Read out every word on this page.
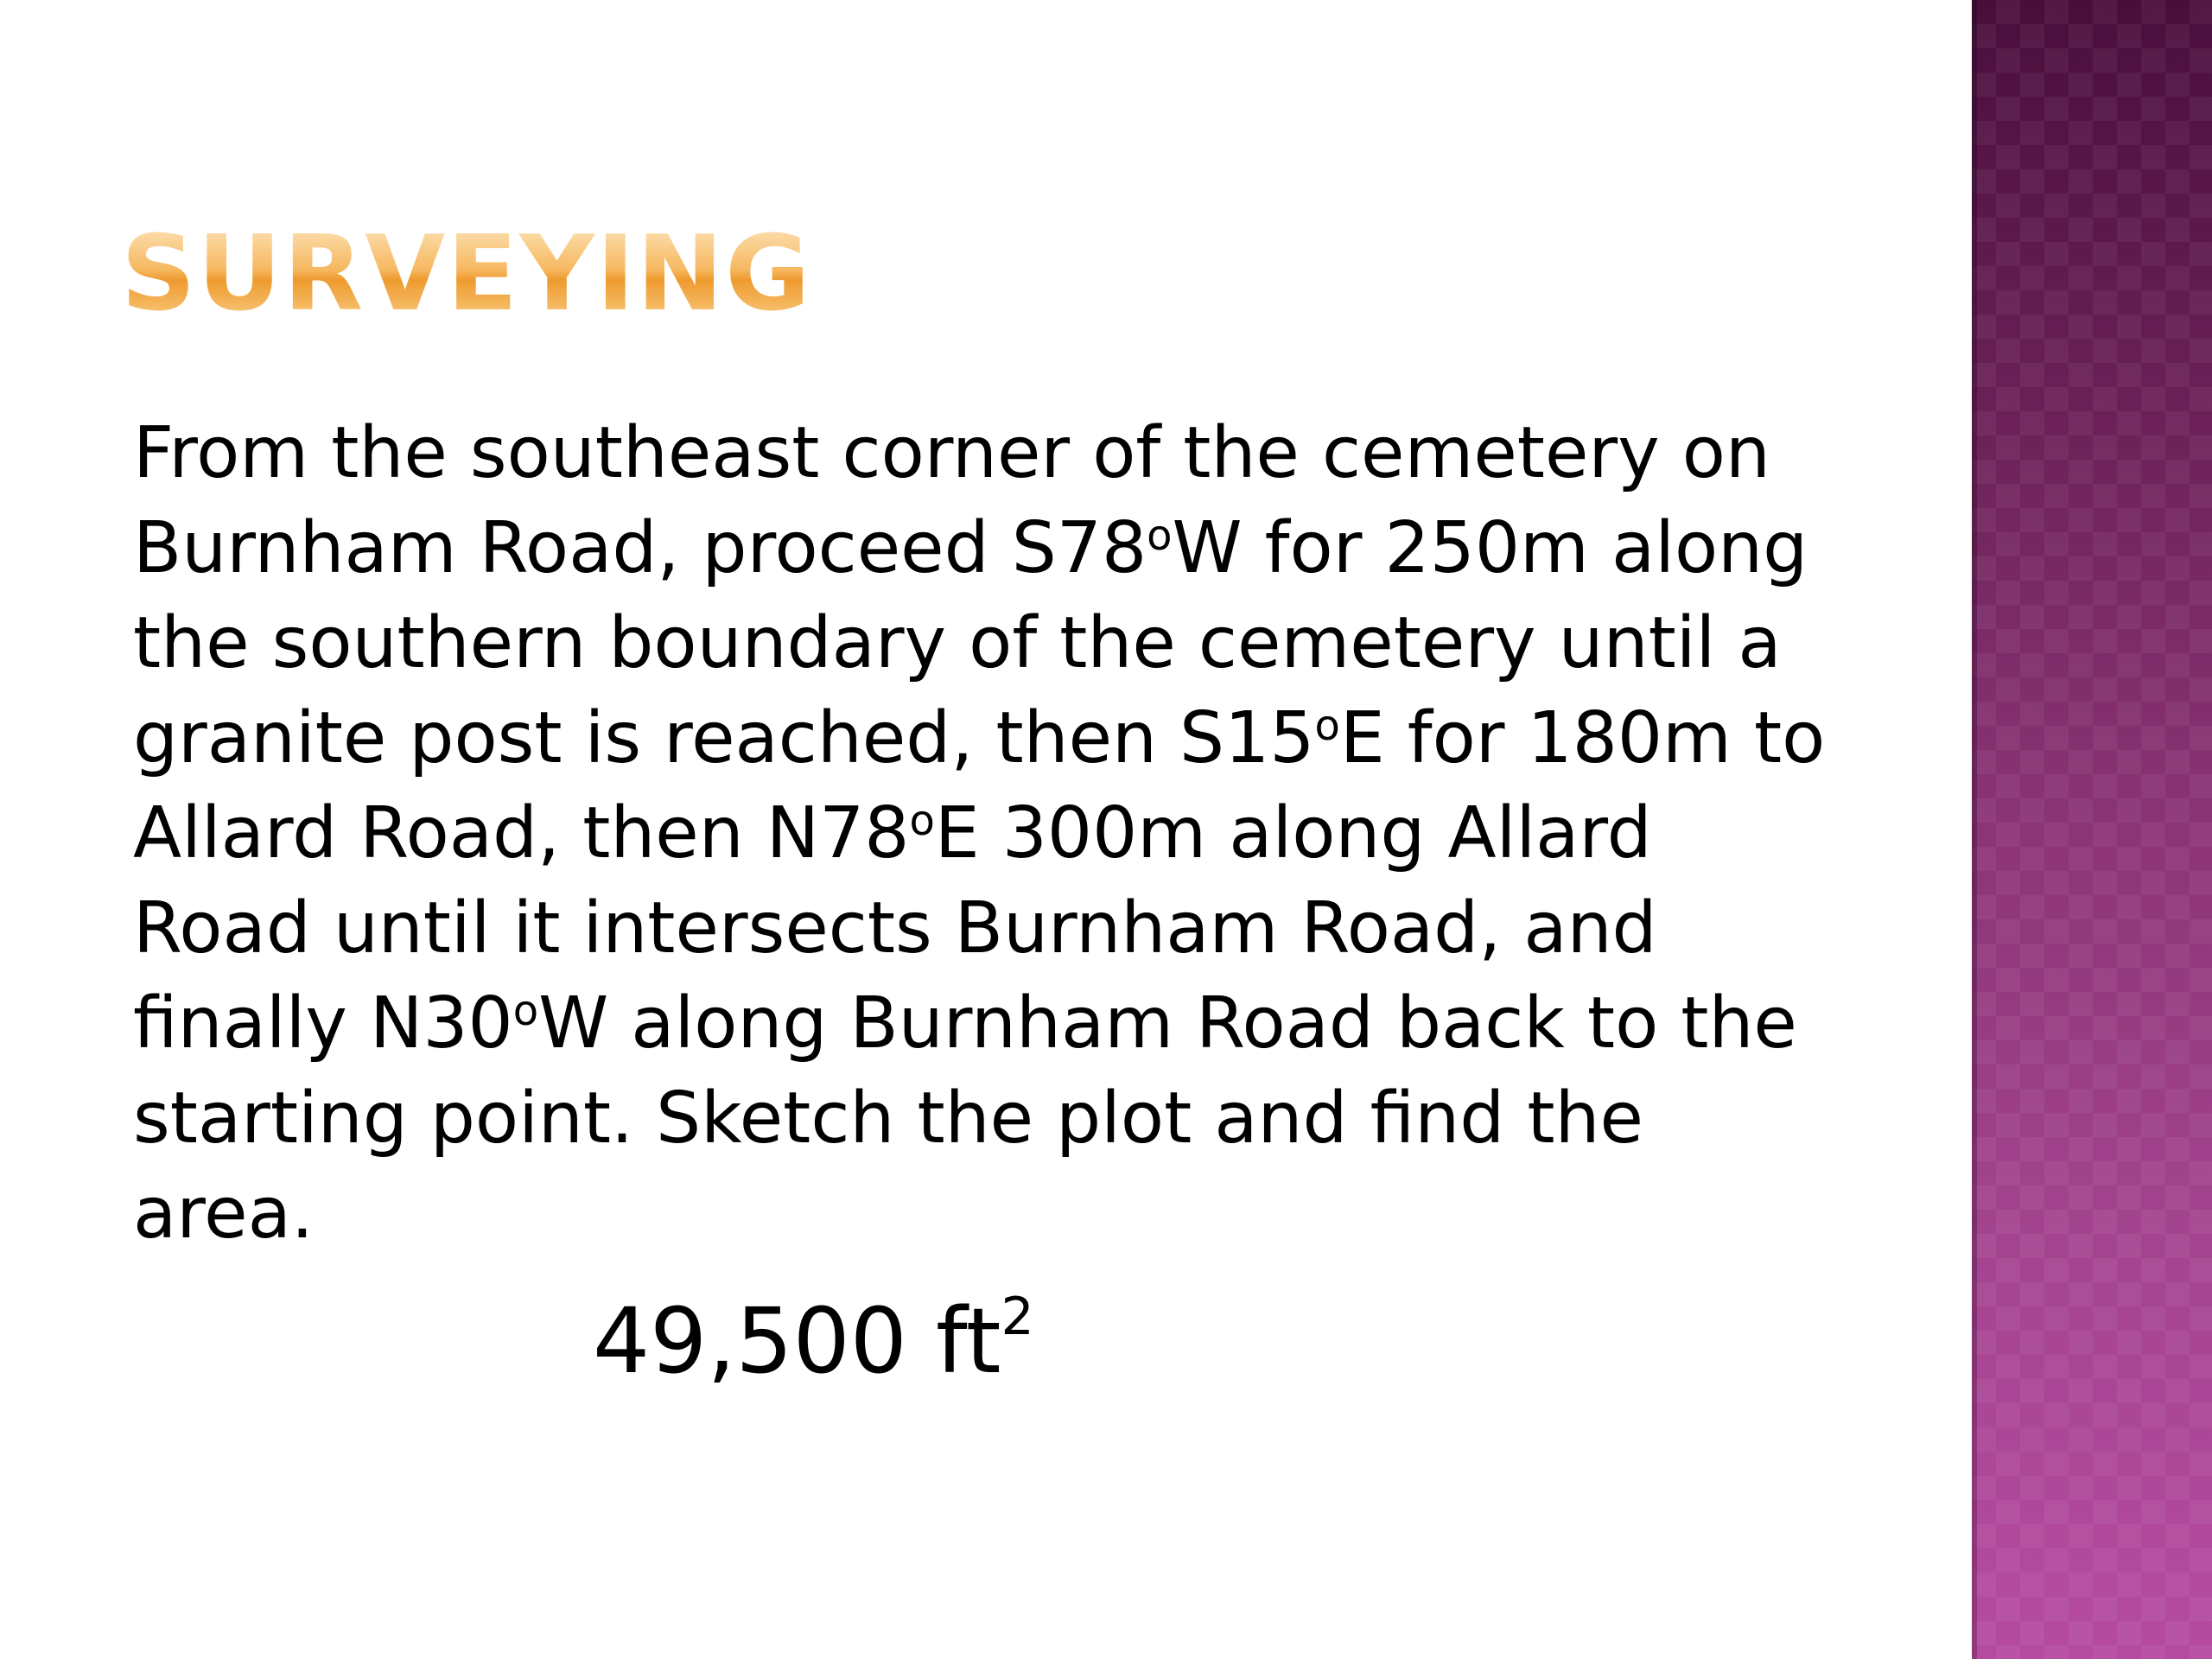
SURVEYING

From the southeast corner of the cemetery on
Burnham Road, proceed S78$^o$W for 250m along
the southern boundary of the cemetery until a
granite post is reached, then S15$^o$E for 180m to
Allard Road, then N78$^o$E 300m along Allard
Road until it intersects Burnham Road, and
finally N30$^o$W along Burnham Road back to the
starting point. Sketch the plot and find the
area.

49,500 $ft^2$
